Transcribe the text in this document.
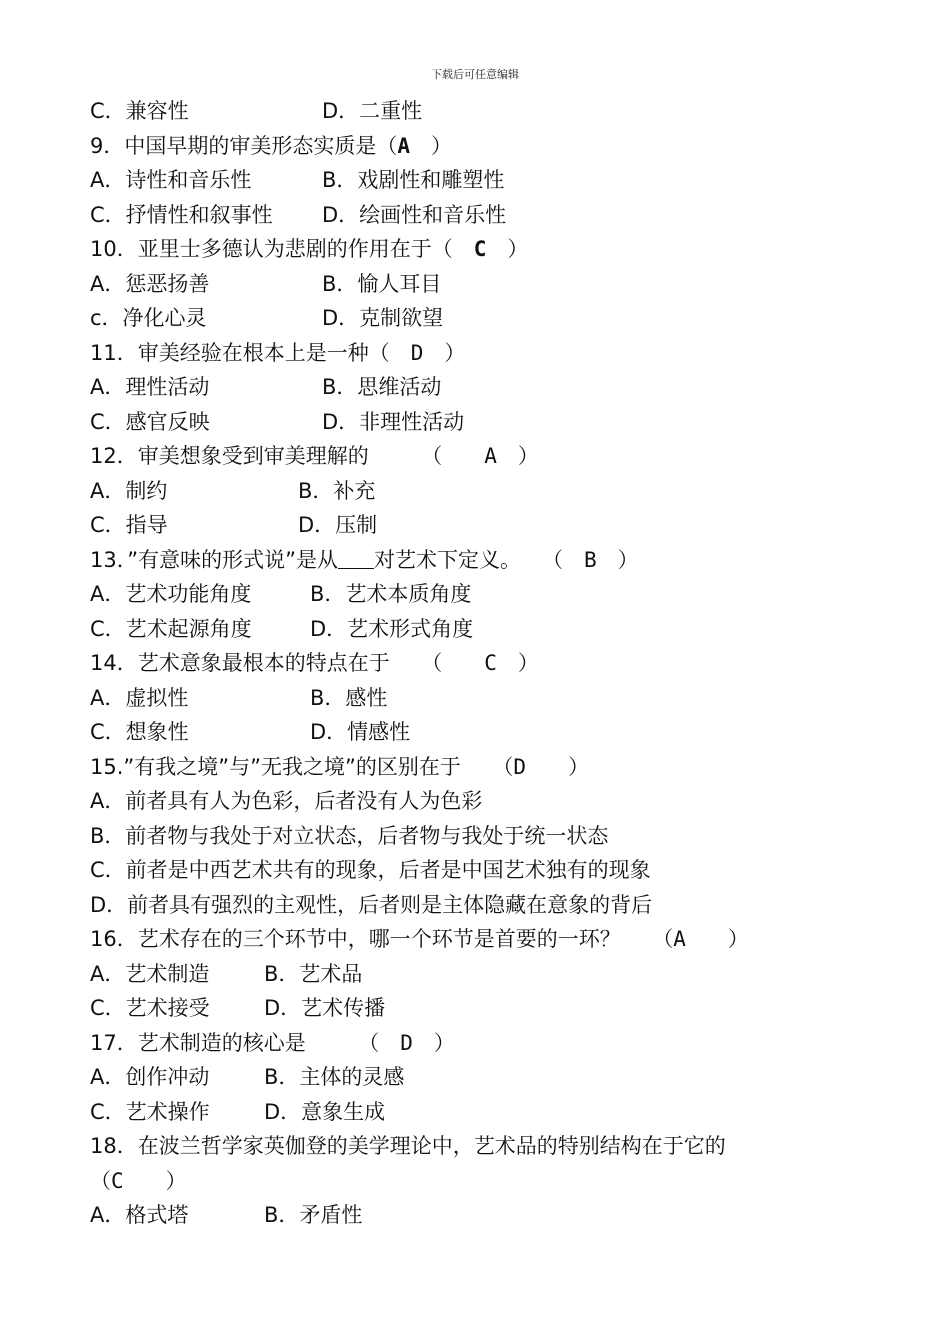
下载后可任意编辑
C．兼容性	D．二重性
9．中国早期的审美形态实质是（A　）
A．诗性和音乐性	B．戏剧性和雕塑性
C．抒情性和叙事性 D．绘画性和音乐性
10．亚里士多德认为悲剧的作用在于（　C　）
A．惩恶扬善	B．愉人耳目
c．净化心灵	D．克制欲望
11．审美经验在根本上是一种（　D　）
A．理性活动	B．思维活动
C．感官反映	D．非理性活动
12．审美想象受到审美理解的　　　（　　A　）
A．制约	B．补充
C．指导	D．压制
13．”有意味的形式说”是从 对艺术下定义。　　（　B　）
A．艺术功能角度	B．艺术本质角度
C．艺术起源角度	D．艺术形式角度
14．艺术意象最根本的特点在于　　（　　C　）
A．虚拟性	B．感性
C．想象性	D．情感性
15.”有我之境”与”无我之境”的区别在于　　（D　　）
A．前者具有人为色彩，后者没有人为色彩
B．前者物与我处于对立状态，后者物与我处于统一状态
C．前者是中西艺术共有的现象，后者是中国艺术独有的现象
D．前者具有强烈的主观性，后者则是主体隐藏在意象的背后
16．艺术存在的三个环节中，哪一个环节是首要的一环？　　（A　　）
A．艺术制造	B．艺术品
C．艺术接受	D．艺术传播
17．艺术制造的核心是　　　（　D　）
A．创作冲动	B．主体的灵感
C．艺术操作	D．意象生成
18．在波兰哲学家英伽登的美学理论中，艺术品的特别结构在于它的
（C　　）
A．格式塔	B．矛盾性
